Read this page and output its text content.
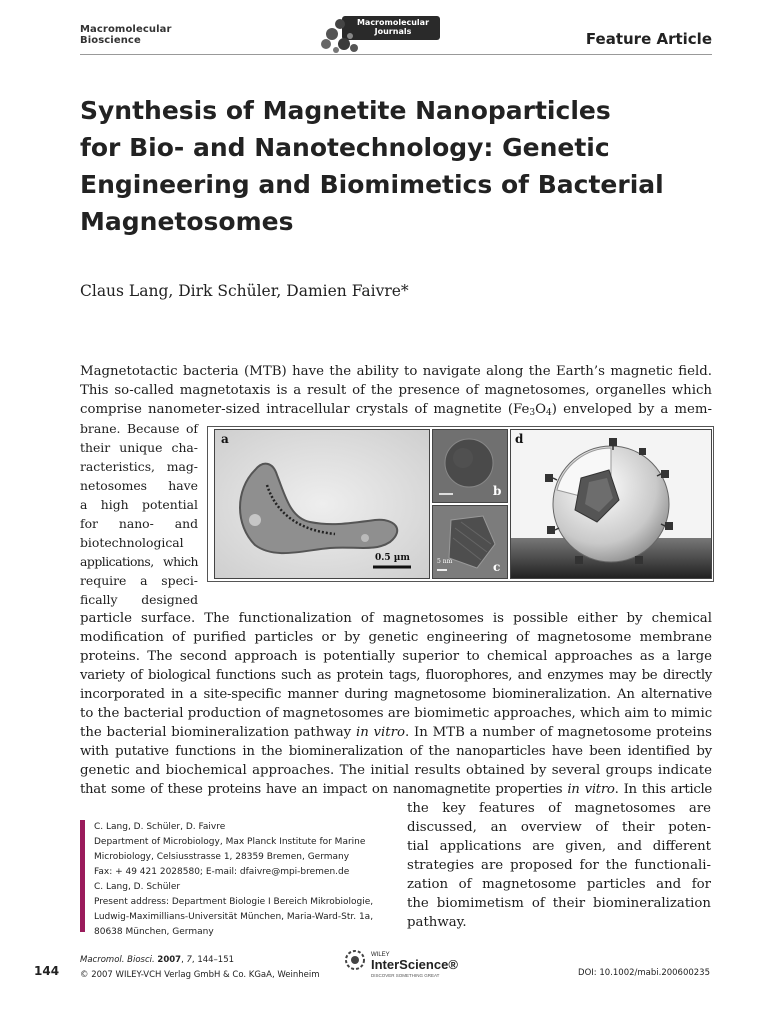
Macromolecular
Bioscience
Macromolecular
Journals	Feature Article
Synthesis of Magnetite Nanoparticles
for Bio- and Nanotechnology: Genetic
Engineering and Biomimetics of Bacterial
Magnetosomes
Claus Lang, Dirk Schüler, Damien Faivre*
Magnetotactic bacteria (MTB) have the ability to navigate along the Earth’s magnetic field.
This so-called magnetotaxis is a result of the presence of magnetosomes, organelles which
comprise nanometer-sized intracellular crystals of magnetite $(Fe_3O_4)$ enveloped by a mem-
brane. Because of
their unique cha-
racteristics, mag-
netosomes have
a high potential
for nano- and
biotechnological
applications, which
require a speci-
fically designed
particle surface. The functionalization of magnetosomes is possible either by chemical
modification of purified particles or by genetic engineering of magnetosome membrane
proteins. The second approach is potentially superior to chemical approaches as a large
variety of biological functions such as protein tags, fluorophores, and enzymes may be directly
incorporated in a site-specific manner during magnetosome biomineralization. An alternative
to the bacterial production of magnetosomes are biomimetic approaches, which aim to mimic
the bacterial biomineralization pathway in vitro. In MTB a number of magnetosome proteins
with putative functions in the biomineralization of the nanoparticles have been identified by
genetic and biochemical approaches. The initial results obtained by several groups indicate
that some of these proteins have an impact on nanomagnetite properties in vitro. In this article
the key features of magnetosomes are
discussed, an overview of their poten-
tial applications are given, and different
strategies are proposed for the functionali-
zation of magnetosome particles and for
the biomimetism of their biomineralization
pathway.
a
0.5 µm
b
5 nm	c
d
C. Lang, D. Schüler, D. Faivre
Department of Microbiology, Max Planck Institute for Marine
Microbiology, Celsiusstrasse 1, 28359 Bremen, Germany
Fax: + 49 421 2028580; E-mail: dfaivre@mpi-bremen.de
C. Lang, D. Schüler
Present address: Department Biologie I Bereich Mikrobiologie,
Ludwig-Maximillians-Universität München, Maria-Ward-Str. 1a,
80638 München, Germany
144
Macromol. Biosci. 2007, 7, 144–151
© 2007 WILEY-VCH Verlag GmbH & Co. KGaA, Weinheim
WILEY
InterScience®
DISCOVER SOMETHING GREAT	DOI: 10.1002/mabi.200600235
